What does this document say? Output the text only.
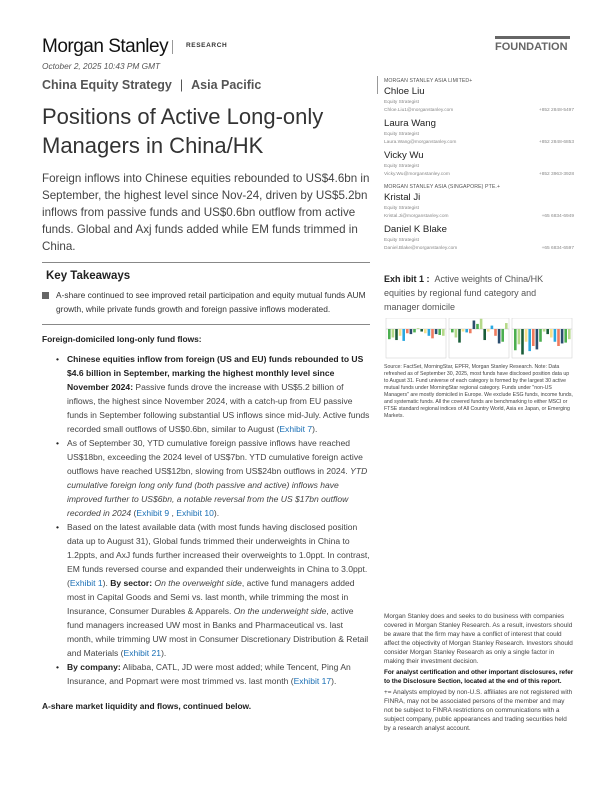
Morgan Stanley	RESEARCH	FOUNDATION
October 2, 2025 10:43 PM GMT
China Equity Strategy | Asia Pacific
Positions of Active Long-only Managers in China/HK

Foreign inflows into Chinese equities rebounded to US$4.6bn in September, the highest level since Nov-24, driven by US$5.2bn inflows from passive funds and US$0.6bn outflow from active funds. Global and Axj funds added while EM funds trimmed in China.

Key Takeaways
A-share continued to see improved retail participation and equity mutual funds AUM growth, while private funds growth and foreign passive inflows moderated.
Foreign-domiciled long-only fund flows:
• Chinese equities inflow from foreign (US and EU) funds rebounded to US $4.6 billion in September, marking the highest monthly level since November 2024: Passive funds drove the increase with US$5.2 billion of inflows, the highest since November 2024, with a catch-up from EU passive funds in September following substantial US inflows since mid-July. Active funds recorded small outflows of US$0.6bn, similar to August (Exhibit 7).
• As of September 30, YTD cumulative foreign passive inflows have reached US$18bn, exceeding the 2024 level of US$7bn. YTD cumulative foreign active outflows have reached US$12bn, slowing from US$24bn outflows in 2024. YTD cumulative foreign long only fund (both passive and active) inflows have improved further to US$6bn, a notable reversal from the US $17bn outflow recorded in 2024 (Exhibit 9 , Exhibit 10).
• Based on the latest available data (with most funds having disclosed position data up to August 31), Global funds trimmed their underweights in China to 1.2ppts, and AxJ funds further increased their overweights to 1.0ppt. In contrast, EM funds reversed course and expanded their underweights in China to 3.0ppt. (Exhibit 1). By sector: On the overweight side, active fund managers added most in Capital Goods and Semi vs. last month, while trimming the most in Insurance, Consumer Durables & Apparels. On the underweight side, active fund managers increased UW most in Banks and Pharmaceutical vs. last month, while trimming UW most in Consumer Discretionary Distribution & Retail and Materials (Exhibit 21).
• By company: Alibaba, CATL, JD were most added; while Tencent, Ping An Insurance, and Popmart were most trimmed vs. last month (Exhibit 17).
A-share market liquidity and flows, continued below.
MORGAN STANLEY ASIA LIMITED+
Chloe Liu
Equity Strategist
Chloe.Liu1@morganstanley.com	+852 2848-5497
Laura Wang
Equity Strategist
Laura.Wang@morganstanley.com	+852 2848-6853
Vicky Wu
Equity Strategist
Vicky.Wu@morganstanley.com	+852 3963-3928
MORGAN STANLEY ASIA (SINGAPORE) PTE.+
Kristal Ji
Equity Strategist
Kristal.Ji@morganstanley.com	+65 6834-6949
Daniel K Blake
Equity Strategist
Daniel.Blake@morganstanley.com	+65 6834-6597
Exh ibit 1 : Active weights of China/HK equities by regional fund category and manager domicile
Source: FactSet, MorningStar, EPFR, Morgan Stanley Research. Note: Data refreshed as of September 30, 2025, most funds have disclosed position data up to August 31. Fund universe of each category is formed by the largest 30 active mutual funds under MorningStar regional category. Funds under "non-US Managers" are mostly domiciled in Europe. We exclude ESG funds, income funds, and systematic funds. All the covered funds are benchmarking to either MSCI or FTSE standard regional indices of All Country World, Asia ex Japan, or Emerging Markets.

Morgan Stanley does and seeks to do business with companies covered in Morgan Stanley Research. As a result, investors should be aware that the firm may have a conflict of interest that could affect the objectivity of Morgan Stanley Research. Investors should consider Morgan Stanley Research as only a single factor in making their investment decision.

For analyst certification and other important disclosures, refer to the Disclosure Section, located at the end of this report.

+= Analysts employed by non-U.S. affiliates are not registered with FINRA, may not be associated persons of the member and may not be subject to FINRA restrictions on communications with a subject company, public appearances and trading securities held by a research analyst account.
